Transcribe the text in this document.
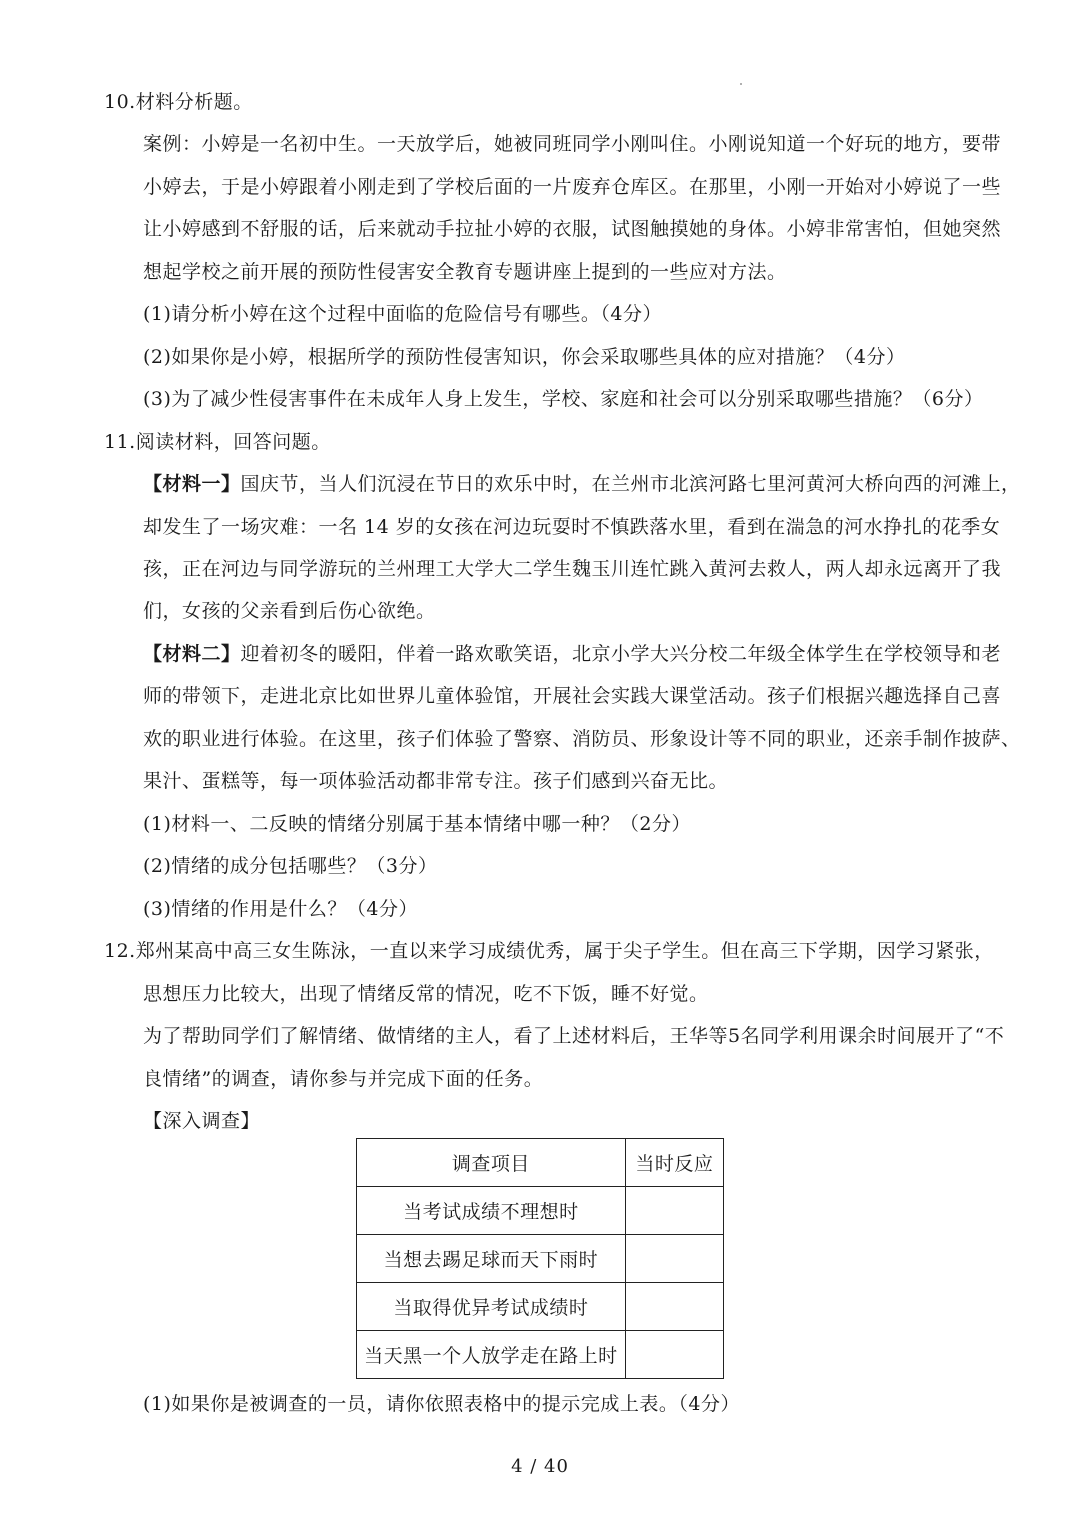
10.材料分析题。
案例：小婷是一名初中生。一天放学后，她被同班同学小刚叫住。小刚说知道一个好玩的地方，要带
小婷去，于是小婷跟着小刚走到了学校后面的一片废弃仓库区。在那里，小刚一开始对小婷说了一些
让小婷感到不舒服的话，后来就动手拉扯小婷的衣服，试图触摸她的身体。小婷非常害怕，但她突然
想起学校之前开展的预防性侵害安全教育专题讲座上提到的一些应对方法。
(1)请分析小婷在这个过程中面临的危险信号有哪些。（4分）
(2)如果你是小婷，根据所学的预防性侵害知识，你会采取哪些具体的应对措施？（4分）
(3)为了减少性侵害事件在未成年人身上发生，学校、家庭和社会可以分别采取哪些措施？（6分）
11.阅读材料，回答问题。
【材料一】国庆节，当人们沉浸在节日的欢乐中时，在兰州市北滨河路七里河黄河大桥向西的河滩上，
却发生了一场灾难：一名 14 岁的女孩在河边玩耍时不慎跌落水里，看到在湍急的河水挣扎的花季女
孩，正在河边与同学游玩的兰州理工大学大二学生魏玉川连忙跳入黄河去救人，两人却永远离开了我
们，女孩的父亲看到后伤心欲绝。
【材料二】迎着初冬的暖阳，伴着一路欢歌笑语，北京小学大兴分校二年级全体学生在学校领导和老
师的带领下，走进北京比如世界儿童体验馆，开展社会实践大课堂活动。孩子们根据兴趣选择自己喜
欢的职业进行体验。在这里，孩子们体验了警察、消防员、形象设计等不同的职业，还亲手制作披萨、
果汁、蛋糕等，每一项体验活动都非常专注。孩子们感到兴奋无比。
(1)材料一、二反映的情绪分别属于基本情绪中哪一种？（2分）
(2)情绪的成分包括哪些？（3分）
(3)情绪的作用是什么？（4分）
12.郑州某高中高三女生陈泳，一直以来学习成绩优秀，属于尖子学生。但在高三下学期，因学习紧张，
思想压力比较大，出现了情绪反常的情况，吃不下饭，睡不好觉。
为了帮助同学们了解情绪、做情绪的主人，看了上述材料后，王华等5名同学利用课余时间展开了“不
良情绪”的调查，请你参与并完成下面的任务。
【深入调查】
调查项目	当时反应
当考试成绩不理想时	
当想去踢足球而天下雨时	
当取得优异考试成绩时	
当天黑一个人放学走在路上时	
(1)如果你是被调查的一员，请你依照表格中的提示完成上表。（4分）
4 / 40
